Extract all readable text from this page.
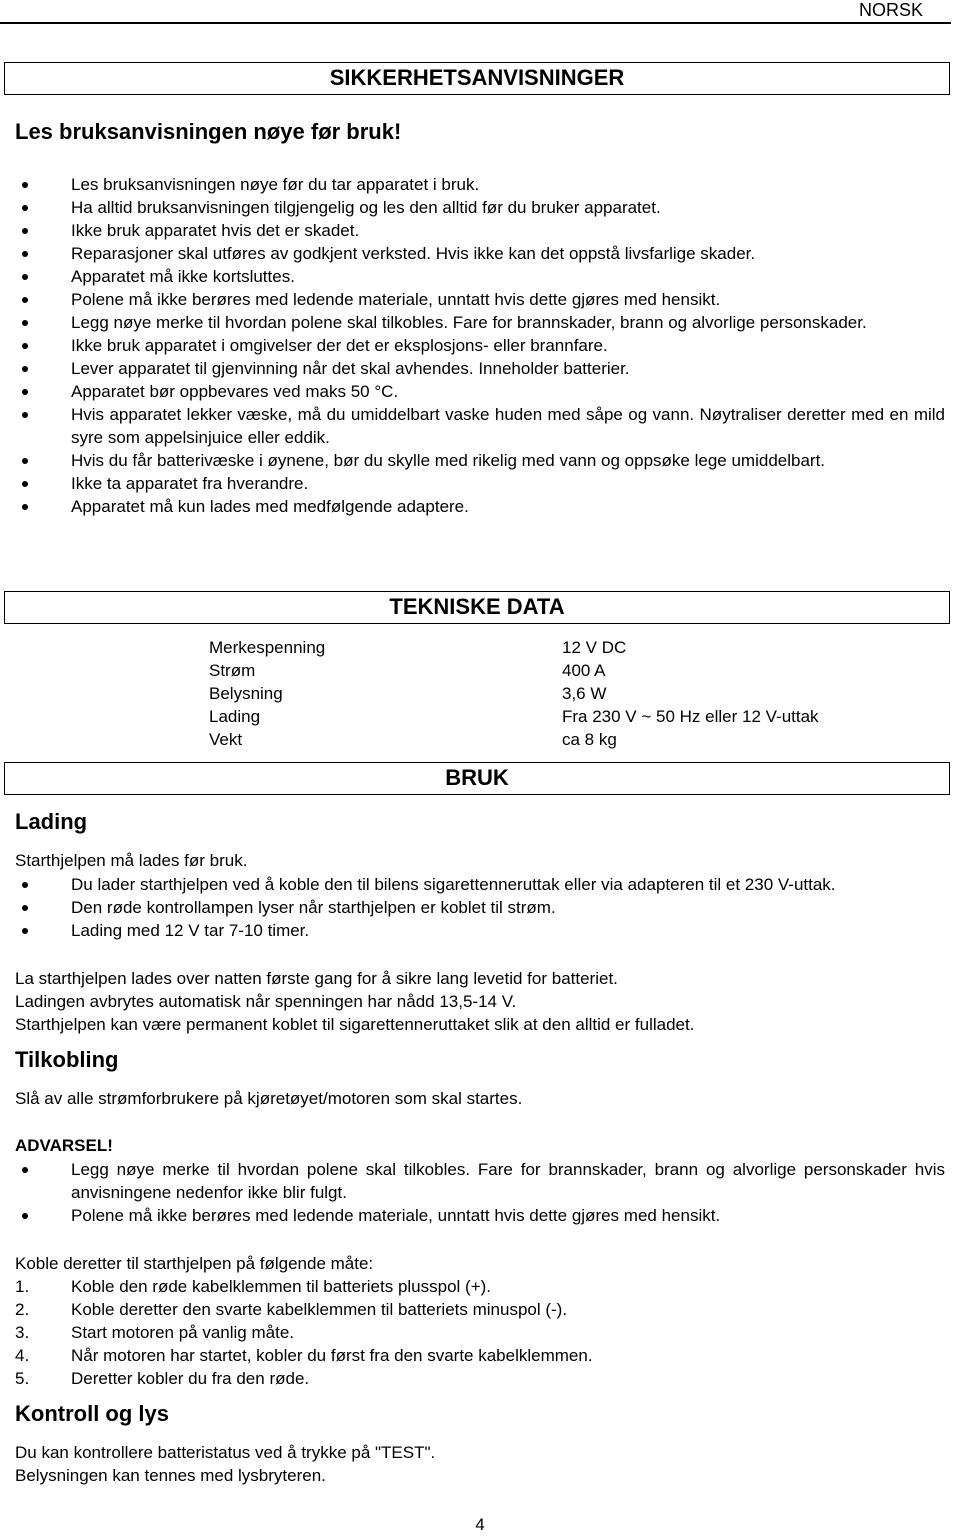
NORSK
SIKKERHETSANVISNINGER
Les bruksanvisningen nøye før bruk!
Les bruksanvisningen nøye før du tar apparatet i bruk.
Ha alltid bruksanvisningen tilgjengelig og les den alltid før du bruker apparatet.
Ikke bruk apparatet hvis det er skadet.
Reparasjoner skal utføres av godkjent verksted. Hvis ikke kan det oppstå livsfarlige skader.
Apparatet må ikke kortsluttes.
Polene må ikke berøres med ledende materiale, unntatt hvis dette gjøres med hensikt.
Legg nøye merke til hvordan polene skal tilkobles. Fare for brannskader, brann og alvorlige personskader.
Ikke bruk apparatet i omgivelser der det er eksplosjons- eller brannfare.
Lever apparatet til gjenvinning når det skal avhendes. Inneholder batterier.
Apparatet bør oppbevares ved maks 50 °C.
Hvis apparatet lekker væske, må du umiddelbart vaske huden med såpe og vann. Nøytraliser deretter med en mild syre som appelsinjuice eller eddik.
Hvis du får batterivæske i øynene, bør du skylle med rikelig med vann og oppsøke lege umiddelbart.
Ikke ta apparatet fra hverandre.
Apparatet må kun lades med medfølgende adaptere.
TEKNISKE DATA
Merkespenning	12 V DC
Strøm	400 A
Belysning	3,6 W
Lading	Fra 230 V ~ 50 Hz eller 12 V-uttak
Vekt	ca 8 kg
BRUK
Lading
Starthjelpen må lades før bruk.
Du lader starthjelpen ved å koble den til bilens sigarettenneruttak eller via adapteren til et 230 V-uttak.
Den røde kontrollampen lyser når starthjelpen er koblet til strøm.
Lading med 12 V tar 7-10 timer.
La starthjelpen lades over natten første gang for å sikre lang levetid for batteriet.
Ladingen avbrytes automatisk når spenningen har nådd 13,5-14 V.
Starthjelpen kan være permanent koblet til sigarettenneruttaket slik at den alltid er fulladet.
Tilkobling
Slå av alle strømforbrukere på kjøretøyet/motoren som skal startes.
ADVARSEL!
Legg nøye merke til hvordan polene skal tilkobles. Fare for brannskader, brann og alvorlige personskader hvis anvisningene nedenfor ikke blir fulgt.
Polene må ikke berøres med ledende materiale, unntatt hvis dette gjøres med hensikt.
Koble deretter til starthjelpen på følgende måte:
1. Koble den røde kabelklemmen til batteriets plusspol (+).
2. Koble deretter den svarte kabelklemmen til batteriets minuspol (-).
3. Start motoren på vanlig måte.
4. Når motoren har startet, kobler du først fra den svarte kabelklemmen.
5. Deretter kobler du fra den røde.
Kontroll og lys
Du kan kontrollere batteristatus ved å trykke på "TEST".
Belysningen kan tennes med lysbryteren.
4
